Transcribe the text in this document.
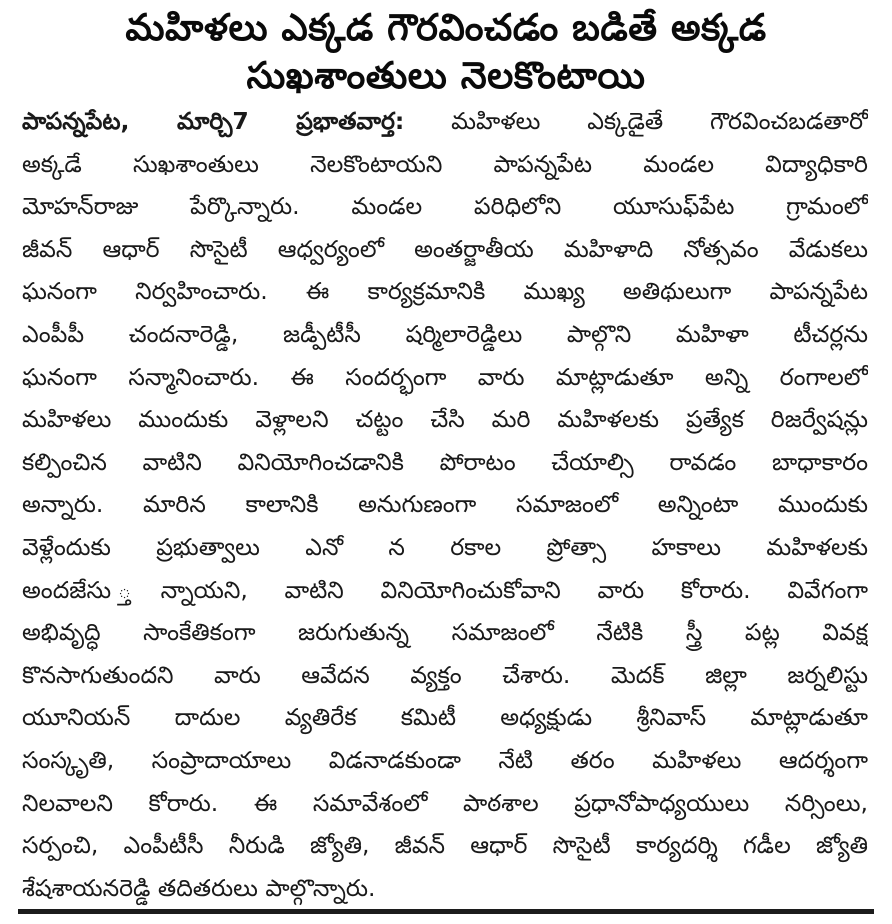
మహిళలు ఎక్కడ గౌరవించడం బడితే అక్కడ
సుఖశాంతులు నెలకొంటాయి
పాపన్నపేట, మార్చి7 ప్రభాతవార్త: మహిళలు ఎక్కడైతే గౌరవించబడతారో
అక్కడే సుఖశాంతులు నెలకొంటాయని పాపన్నపేట మండల విద్యాధికారి
మోహన్‌రాజు పేర్కొన్నారు. మండల పరిధిలోని యూసుఫ్‌పేట గ్రామంలో
జీవన్ ఆధార్ సొసైటీ ఆధ్వర్యంలో అంతర్జాతీయ మహిళాది నోత్సవం వేడుకలు
ఘనంగా నిర్వహించారు. ఈ కార్యక్రమానికి ముఖ్య అతిథులుగా పాపన్నపేట
ఎంపీపీ చందనారెడ్డి, జడ్పీటీసీ షర్మిలారెడ్డిలు పాల్గొని మహిళా టీచర్లను
ఘనంగా సన్మానించారు. ఈ సందర్భంగా వారు మాట్లాడుతూ అన్ని రంగాలలో
మహిళలు ముందుకు వెళ్లాలని చట్టం చేసి మరి మహిళలకు ప్రత్యేక రిజర్వేషన్లు
కల్పించిన వాటిని వినియోగించడానికి పోరాటం చేయాల్సి రావడం బాధాకారం
అన్నారు. మారిన కాలానికి అనుగుణంగా సమాజంలో అన్నింటా ముందుకు
వెళ్లేందుకు ప్రభుత్వాలు ఎనో న రకాల ప్రోత్సా హకాలు మహిళలకు
అందజేసు ్తన్నాయని, వాటిని వినియోగించుకోవాని వారు కోరారు. వివేగంగా
అభివృద్ధి సాంకేతికంగా జరుగుతున్న సమాజంలో నేటికి స్త్రీ పట్ల వివక్ష
కొనసాగుతుందని వారు ఆవేదన వ్యక్తం చేశారు. మెదక్ జిల్లా జర్నలిస్టు
యూనియన్ దాదుల వ్యతిరేక కమిటీ అధ్యక్షుడు శ్రీనివాస్ మాట్లాడుతూ
సంస్కృతి, సంప్రాదాయాలు విడనాడకుండా నేటి తరం మహిళలు ఆదర్శంగా
నిలవాలని కోరారు. ఈ సమావేశంలో పాఠశాల ప్రధానోపాధ్యయులు నర్సింలు,
సర్పంచి, ఎంపీటీసీ నీరుడి జ్యోతి, జీవన్ ఆధార్ సొసైటీ కార్యదర్శి గడీల జ్యోతి
శేషశాయనరెడ్డి తదితరులు పాల్గొన్నారు.
